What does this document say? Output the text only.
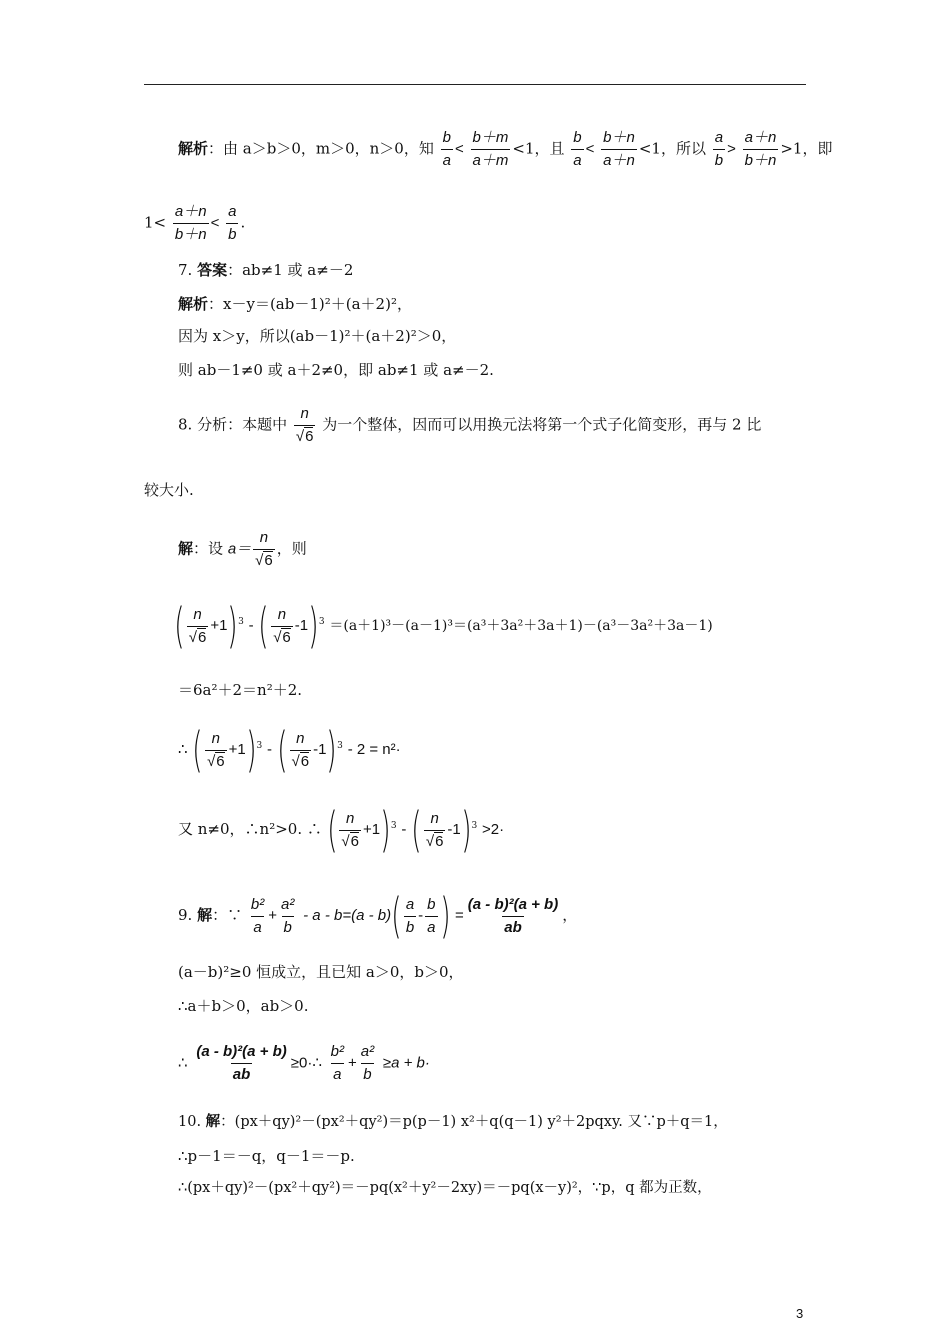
解析：由 a＞b＞0，m＞0，n＞0，知 $\frac{b}{a} < \frac{b+m}{a+m} <1$，且 $\frac{b}{a} < \frac{b+n}{a+n} <1$，所以 $\frac{a}{b} > \frac{a+n}{b+n} >1$，即
$1< \frac{a+n}{b+n} < \frac{a}{b}$ .
7. 答案：ab≠1 或 a≠－2
解析：x－y＝(ab－1)²＋(a＋2)²，
因为 x＞y，所以(ab－1)²＋(a＋2)²＞0，
则 ab－1≠0 或 a＋2≠0，即 ab≠1 或 a≠－2.
8. 分析：本题中 $\frac{n}{√6}$ 为一个整体，因而可以用换元法将第一个式子化简变形，再与 2 比
较大小.
解：设 $a= \frac{n}{√6}$ ，则
( $\frac{n}{√6} +1)^3$ - ( $\frac{n}{√6} -1)^3 =(a+1)^3-(a-1)^3=(a^3+3a^2+3a+1)-(a^3-3a^2+3a-1)$
＝6a²＋2＝n²＋2.
∴ ( $\frac{n}{√6} +1)^3$ - ( $\frac{n}{√6} -1)^3 - 2 = n^2\cdot$
又 n≠0，∴n²>0. ∴ ( $\frac{n}{√6} +1)^3$ - ( $\frac{n}{√6} -1)^3 >2\cdot$
9. 解：∵ $\frac{\text{b²}}{a} + \frac{\text{a²}}{b} - a - b=(a - b)( \frac{a}{b} - \frac{b}{a}$ ) = $\frac{\text{(a - b)²(a + b)}}{ab}$ ，
(a－b)²≥0 恒成立，且已知 a＞0，b＞0，
∴a＋b＞0，ab＞0.
∴ $\frac{\text{(a - b)²(a + b)}}{ab}$ ≥0·∴ $\frac{\text{b²}}{a} + \frac{\text{a²}}{b} \ge a + b\cdot$
10. 解：(px＋qy)²－(px²＋qy²)＝p(p－1) x²＋q(q－1) y²＋2pqxy. 又∵p＋q＝1，
∴p－1＝－q，q－1＝－p.
∴(px＋qy)²－(px²＋qy²)＝－pq(x²＋y²－2xy)＝－pq(x－y)²，∵p，q 都为正数，
3
